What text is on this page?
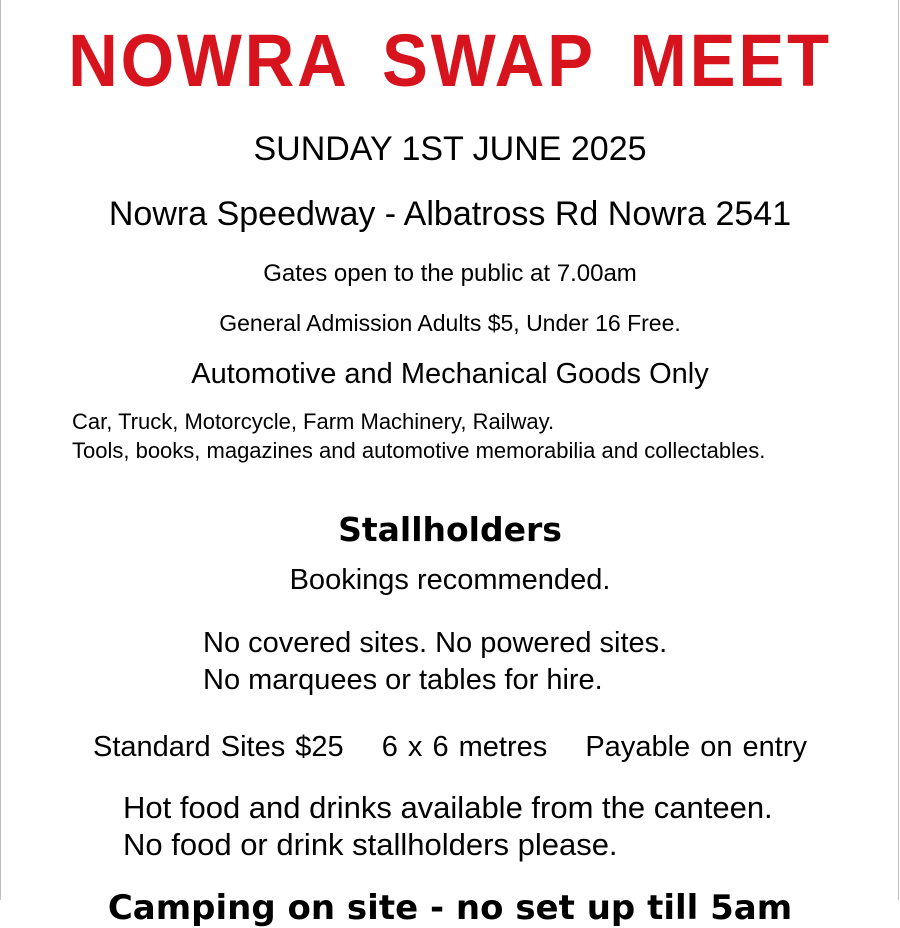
NOWRA SWAP MEET
SUNDAY 1ST JUNE 2025
Nowra Speedway - Albatross Rd Nowra 2541
Gates open to the public at 7.00am
General Admission Adults $5, Under 16 Free.
Automotive and Mechanical Goods Only
Car, Truck, Motorcycle, Farm Machinery, Railway.
Tools, books, magazines and automotive memorabilia and collectables.
Stallholders
Bookings recommended.
No covered sites. No powered sites.
No marquees or tables for hire.
Standard Sites $25 6 x 6 metres Payable on entry
Hot food and drinks available from the canteen.
No food or drink stallholders please.
Camping on site - no set up till 5am
